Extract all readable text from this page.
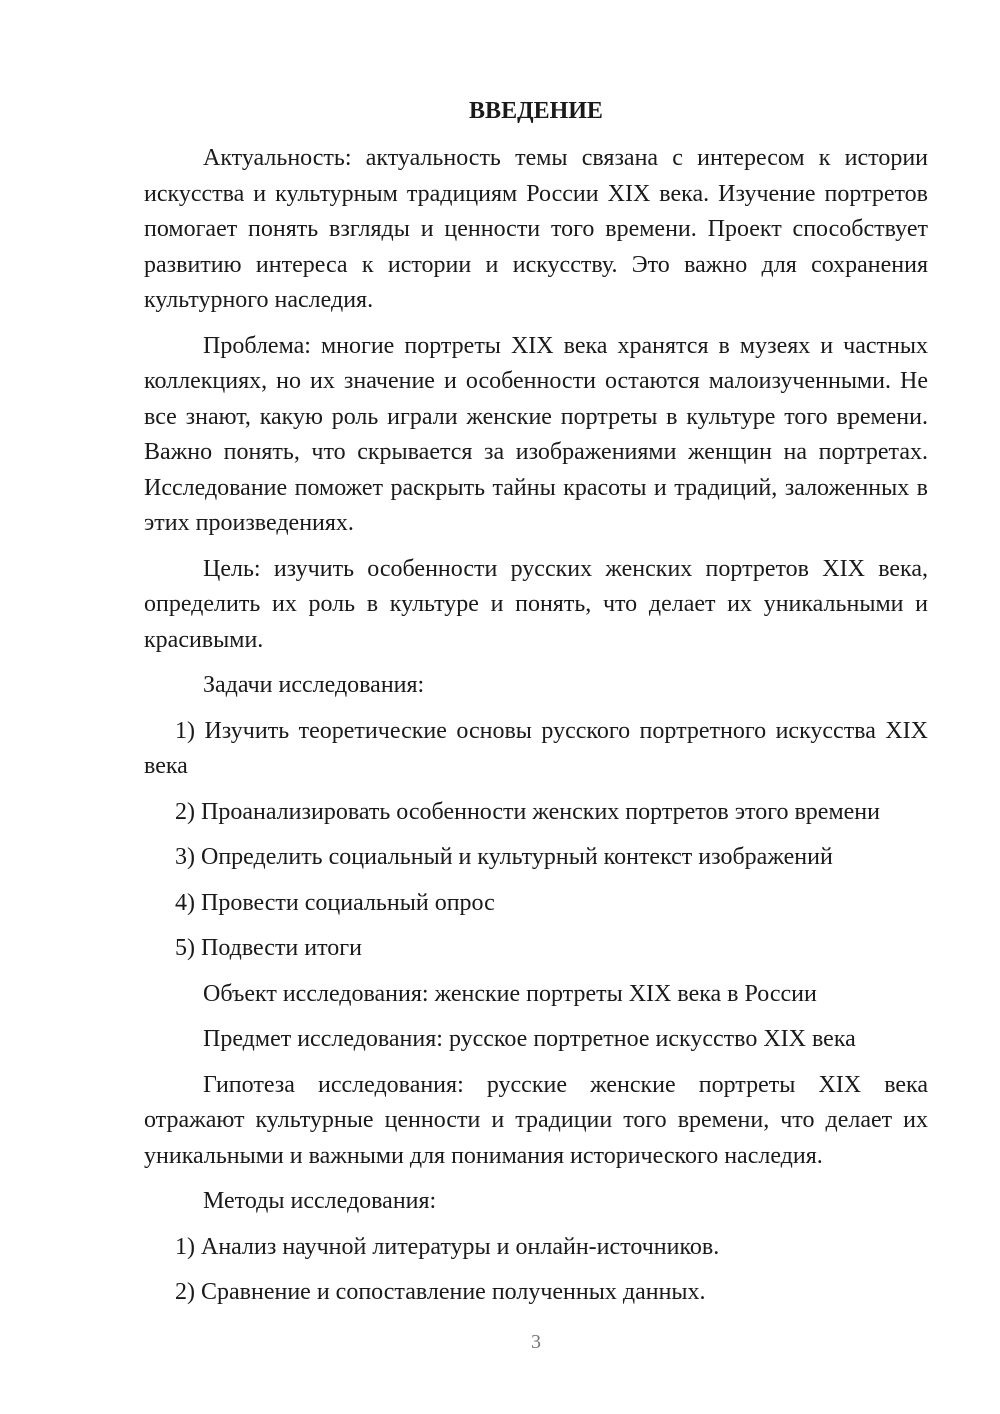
ВВЕДЕНИЕ

Актуальность: актуальность темы связана с интересом к истории искусства и культурным традициям России XIX века. Изучение портретов помогает понять взгляды и ценности того времени. Проект способствует развитию интереса к истории и искусству. Это важно для сохранения культурного наследия.

Проблема: многие портреты XIX века хранятся в музеях и частных коллекциях, но их значение и особенности остаются малоизученными. Не все знают, какую роль играли женские портреты в культуре того времени. Важно понять, что скрывается за изображениями женщин на портретах. Исследование поможет раскрыть тайны красоты и традиций, заложенных в этих произведениях.

Цель: изучить особенности русских женских портретов XIX века, определить их роль в культуре и понять, что делает их уникальными и красивыми.

Задачи исследования:

1) Изучить теоретические основы русского портретного искусства XIX века
2) Проанализировать особенности женских портретов этого времени
3) Определить социальный и культурный контекст изображений
4) Провести социальный опрос
5) Подвести итоги

Объект исследования: женские портреты XIX века в России

Предмет исследования: русское портретное искусство XIX века

Гипотеза исследования: русские женские портреты XIX века отражают культурные ценности и традиции того времени, что делает их уникальными и важными для понимания исторического наследия.

Методы исследования:

1) Анализ научной литературы и онлайн-источников.
2) Сравнение и сопоставление полученных данных.
3
